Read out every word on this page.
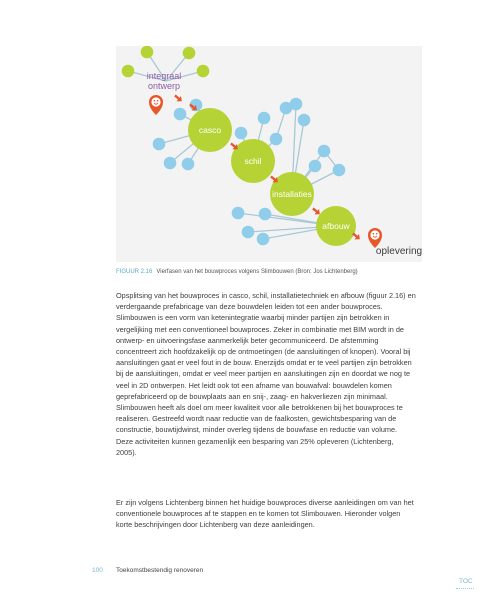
integraal ontwerp
casco
schil
installaties
afbouw
oplevering
FIGUUR 2.16 Vierfasen van het bouwproces volgens Slimbouwen (Bron: Jos Lichtenberg)

Opsplitsing van het bouwproces in casco, schil, installatietechniek en afbouw (figuur 2.16) en verdergaande prefabricage van deze bouwdelen leiden tot een ander bouwproces. Slimbouwen is een vorm van ketenintegratie waarbij minder partijen zijn betrokken in vergelijking met een conventioneel bouwproces. Zeker in combinatie met BIM wordt in de ontwerp- en uitvoeringsfase aanmerkelijk beter gecommuniceerd. De afstemming concentreert zich hoofdzakelijk op de ontmoetingen (de aansluitingen of knopen). Vooral bij aansluitingen gaat er veel fout in de bouw. Enerzijds omdat er te veel partijen zijn betrokken bij de aansluitingen, omdat er veel meer partijen en aansluitingen zijn en doordat we nog te veel in 2D ontwerpen. Het leidt ook tot een afname van bouwafval: bouwdelen komen geprefabriceerd op de bouwplaats aan en snij-, zaag- en hakverliezen zijn minimaal. Slimbouwen heeft als doel om meer kwaliteit voor alle betrokkenen bij het bouwproces te realiseren. Gestreefd wordt naar reductie van de faalkosten, gewichtsbesparing van de constructie, bouwtijdwinst, minder overleg tijdens de bouwfase en reductie van volume. Deze activiteiten kunnen gezamenlijk een besparing van 25% opleveren (Lichtenberg, 2005).

Er zijn volgens Lichtenberg binnen het huidige bouwproces diverse aanleidingen om van het conventionele bouwproces af te stappen en te komen tot Slimbouwen. Hieronder volgen korte beschrijvingen door Lichtenberg van deze aanleidingen.

100 Toekomstbestendig renoveren
TOC
